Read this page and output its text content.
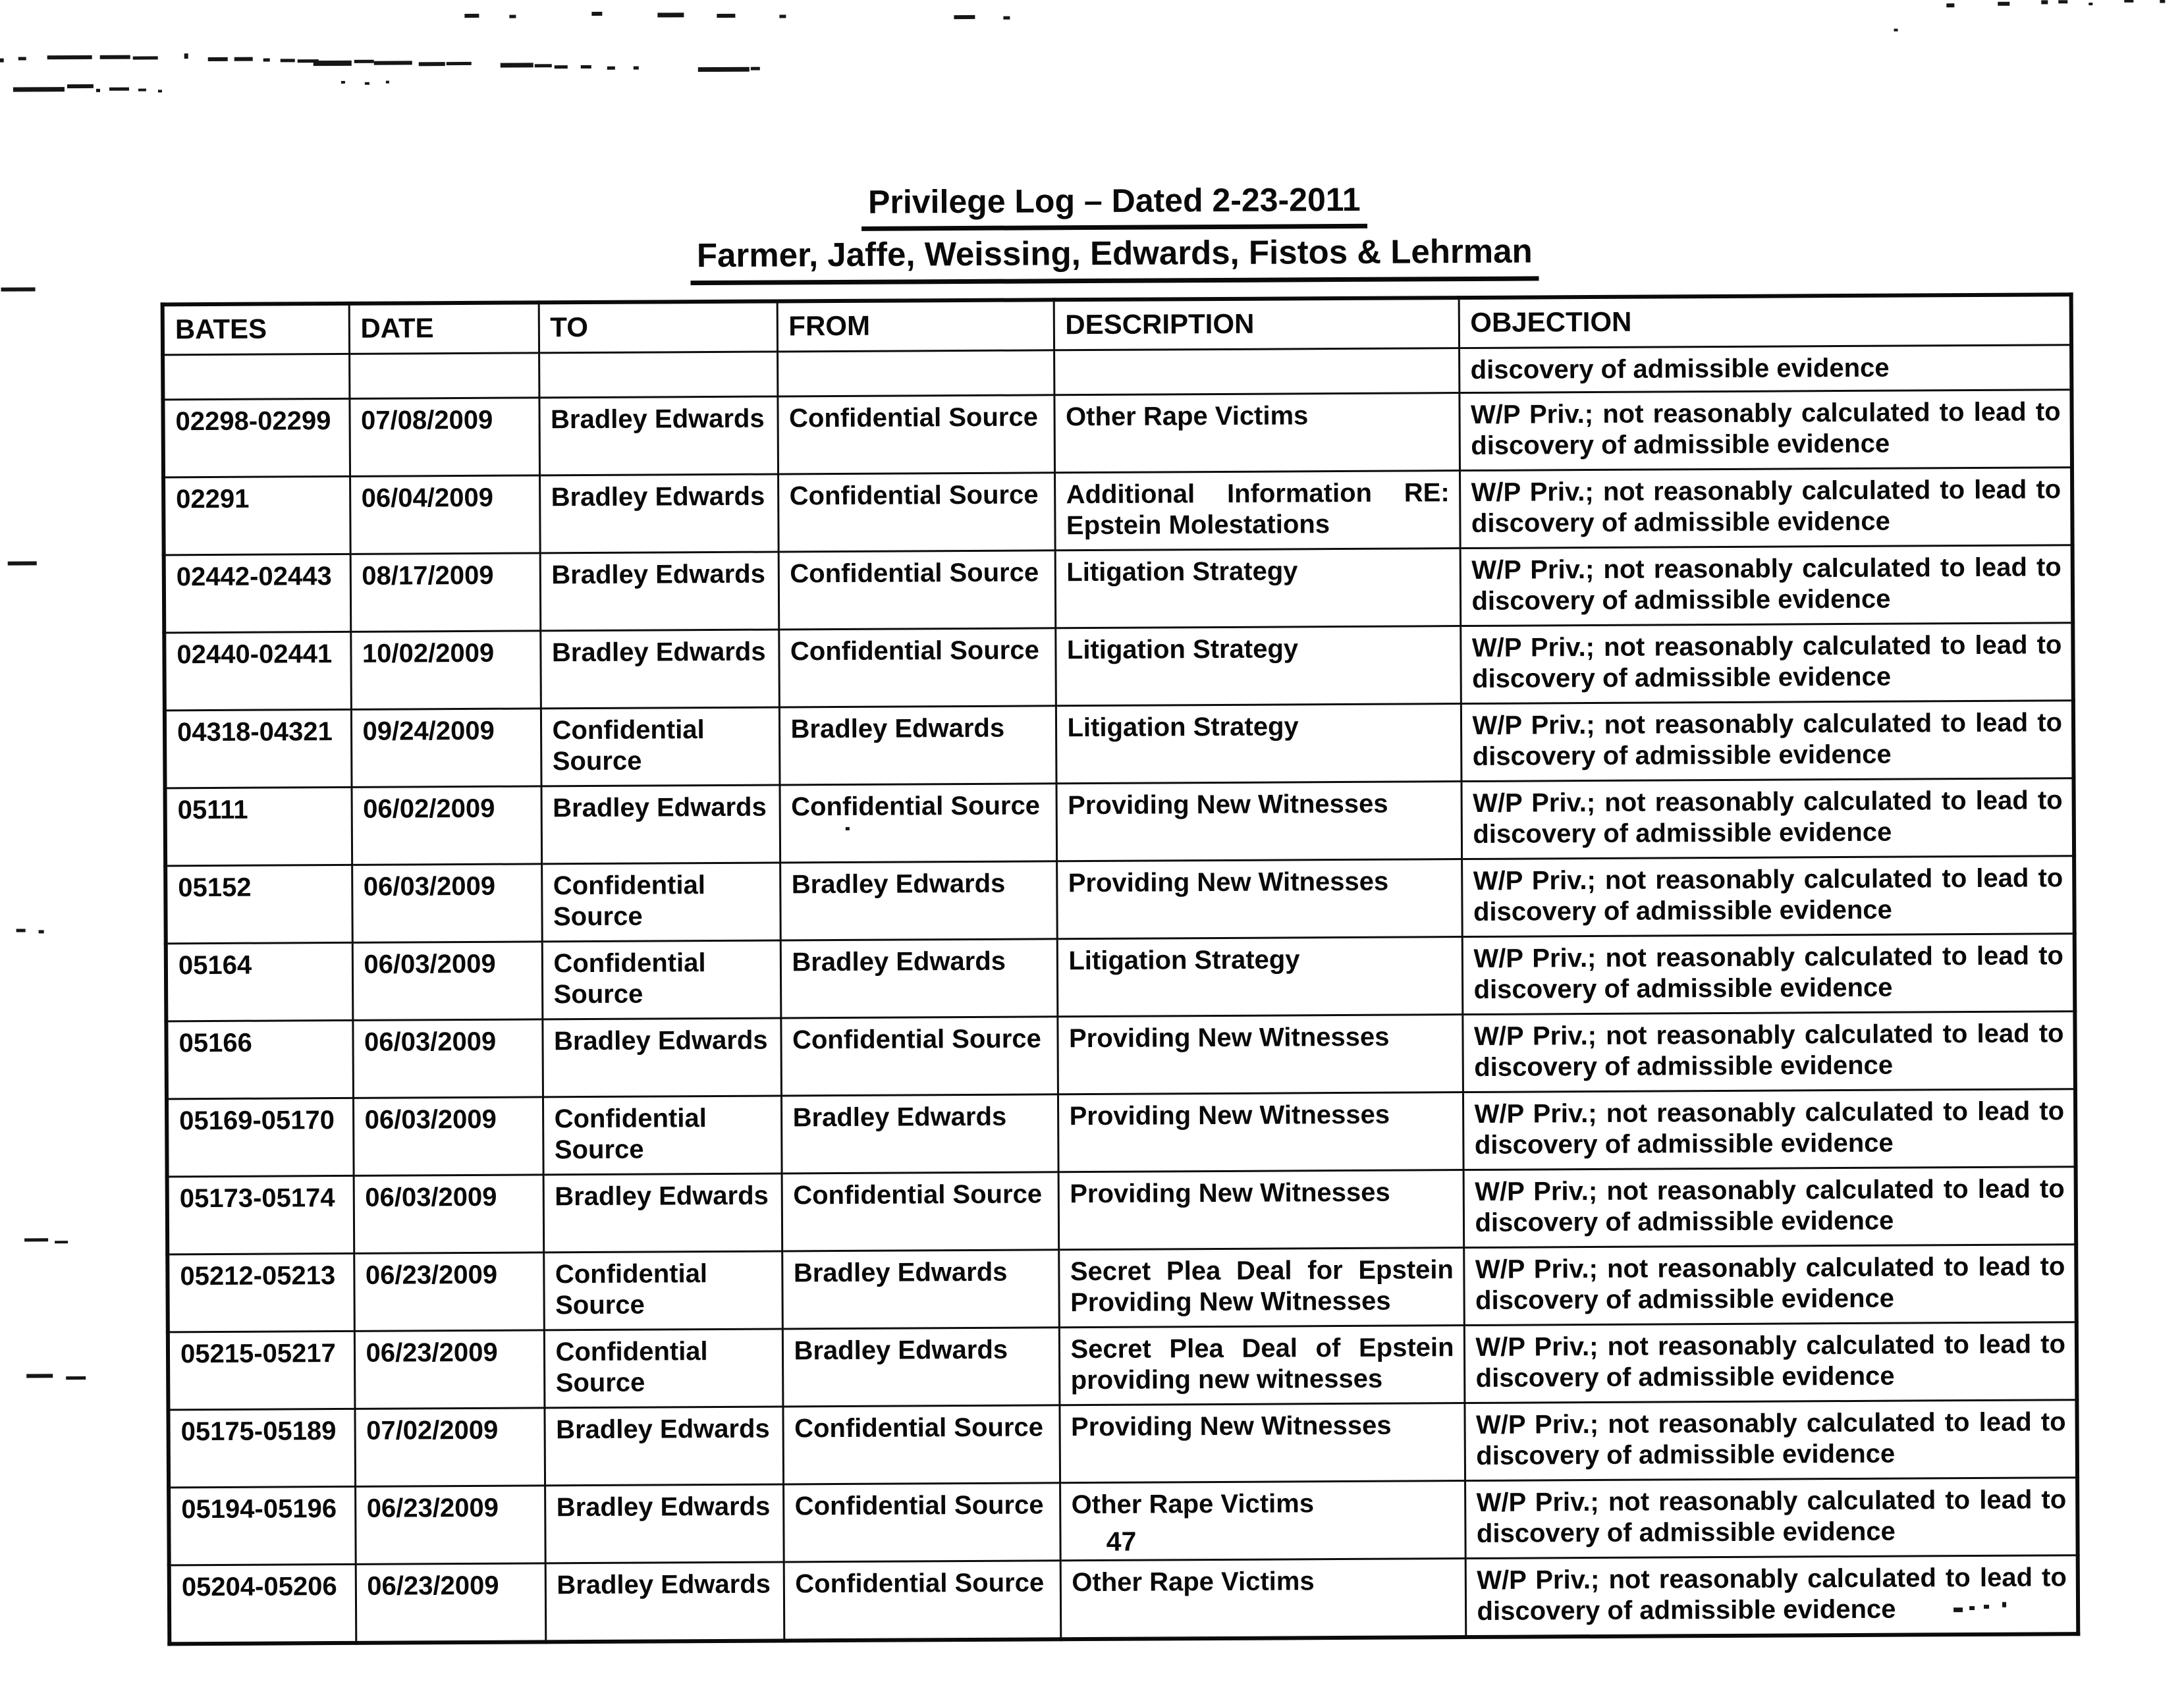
Privilege Log – Dated 2-23-2011
Farmer, Jaffe, Weissing, Edwards, Fistos & Lehrman
BATES	DATE	TO	FROM	DESCRIPTION	OBJECTION
					discovery of admissible evidence
02298-02299	07/08/2009	Bradley Edwards	Confidential Source	Other Rape Victims	W/P Priv.; not reasonably calculated to lead to discovery of admissible evidence
02291	06/04/2009	Bradley Edwards	Confidential Source	Additional Information RE: Epstein Molestations	W/P Priv.; not reasonably calculated to lead to discovery of admissible evidence
02442-02443	08/17/2009	Bradley Edwards	Confidential Source	Litigation Strategy	W/P Priv.; not reasonably calculated to lead to discovery of admissible evidence
02440-02441	10/02/2009	Bradley Edwards	Confidential Source	Litigation Strategy	W/P Priv.; not reasonably calculated to lead to discovery of admissible evidence
04318-04321	09/24/2009	Confidential Source	Bradley Edwards	Litigation Strategy	W/P Priv.; not reasonably calculated to lead to discovery of admissible evidence
05111	06/02/2009	Bradley Edwards	Confidential Source	Providing New Witnesses	W/P Priv.; not reasonably calculated to lead to discovery of admissible evidence
05152	06/03/2009	Confidential Source	Bradley Edwards	Providing New Witnesses	W/P Priv.; not reasonably calculated to lead to discovery of admissible evidence
05164	06/03/2009	Confidential Source	Bradley Edwards	Litigation Strategy	W/P Priv.; not reasonably calculated to lead to discovery of admissible evidence
05166	06/03/2009	Bradley Edwards	Confidential Source	Providing New Witnesses	W/P Priv.; not reasonably calculated to lead to discovery of admissible evidence
05169-05170	06/03/2009	Confidential Source	Bradley Edwards	Providing New Witnesses	W/P Priv.; not reasonably calculated to lead to discovery of admissible evidence
05173-05174	06/03/2009	Bradley Edwards	Confidential Source	Providing New Witnesses	W/P Priv.; not reasonably calculated to lead to discovery of admissible evidence
05212-05213	06/23/2009	Confidential Source	Bradley Edwards	Secret Plea Deal for Epstein Providing New Witnesses	W/P Priv.; not reasonably calculated to lead to discovery of admissible evidence
05215-05217	06/23/2009	Confidential Source	Bradley Edwards	Secret Plea Deal of Epstein providing new witnesses	W/P Priv.; not reasonably calculated to lead to discovery of admissible evidence
05175-05189	07/02/2009	Bradley Edwards	Confidential Source	Providing New Witnesses	W/P Priv.; not reasonably calculated to lead to discovery of admissible evidence
05194-05196	06/23/2009	Bradley Edwards	Confidential Source	Other Rape Victims	W/P Priv.; not reasonably calculated to lead to discovery of admissible evidence
05204-05206	06/23/2009	Bradley Edwards	Confidential Source	Other Rape Victims	W/P Priv.; not reasonably calculated to lead to discovery of admissible evidence
47
